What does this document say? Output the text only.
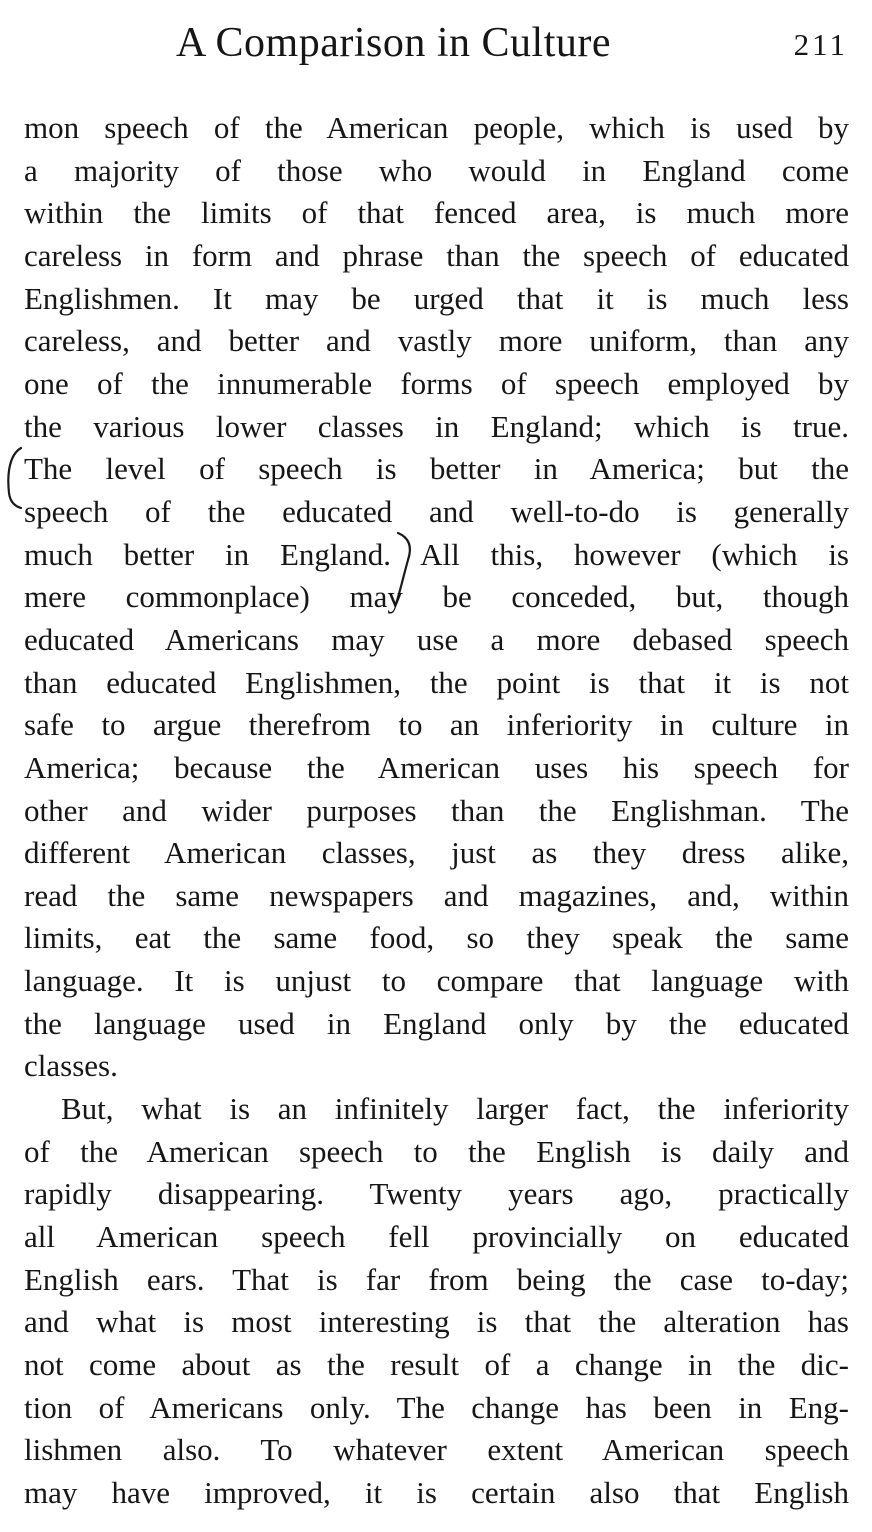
A Comparison in Culture	211
mon speech of the American people, which is used by
a majority of those who would in England come
within the limits of that fenced area, is much more
careless in form and phrase than the speech of educated
Englishmen. It may be urged that it is much less
careless, and better and vastly more uniform, than any
one of the innumerable forms of speech employed by
the various lower classes in England; which is true.
The level of speech is better in America; but the
speech of the educated and well-to-do is generally
much better in England. All this, however (which is
mere commonplace) may be conceded, but, though
educated Americans may use a more debased speech
than educated Englishmen, the point is that it is not
safe to argue therefrom to an inferiority in culture in
America; because the American uses his speech for
other and wider purposes than the Englishman. The
different American classes, just as they dress alike,
read the same newspapers and magazines, and, within
limits, eat the same food, so they speak the same
language. It is unjust to compare that language with
the language used in England only by the educated
classes.
But, what is an infinitely larger fact, the inferiority
of the American speech to the English is daily and
rapidly disappearing. Twenty years ago, practically
all American speech fell provincially on educated
English ears. That is far from being the case to-day;
and what is most interesting is that the alteration has
not come about as the result of a change in the dic-
tion of Americans only. The change has been in Eng-
lishmen also. To whatever extent American speech
may have improved, it is certain also that English
